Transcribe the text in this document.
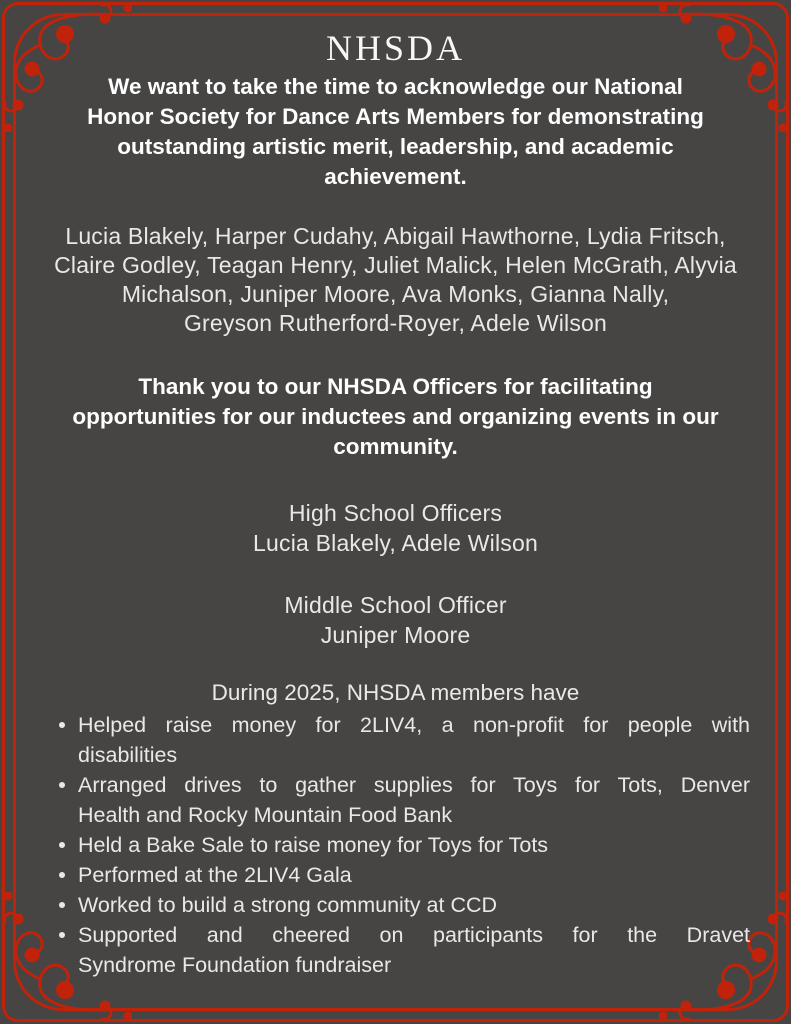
NHSDA
We want to take the time to acknowledge our National
Honor Society for Dance Arts Members for demonstrating
outstanding artistic merit, leadership, and academic
achievement.
Lucia Blakely, Harper Cudahy, Abigail Hawthorne, Lydia Fritsch,
Claire Godley, Teagan Henry, Juliet Malick, Helen McGrath, Alyvia
Michalson, Juniper Moore, Ava Monks, Gianna Nally,
Greyson Rutherford-Royer, Adele Wilson
Thank you to our NHSDA Officers for facilitating
opportunities for our inductees and organizing events in our
community.
High School Officers
Lucia Blakely, Adele Wilson
Middle School Officer
Juniper Moore
During 2025, NHSDA members have
Helped raise money for 2LIV4, a non-profit for people with
disabilities
Arranged drives to gather supplies for Toys for Tots, Denver
Health and Rocky Mountain Food Bank
Held a Bake Sale to raise money for Toys for Tots
Performed at the 2LIV4 Gala
Worked to build a strong community at CCD
Supported and cheered on participants for the Dravet
Syndrome Foundation fundraiser
